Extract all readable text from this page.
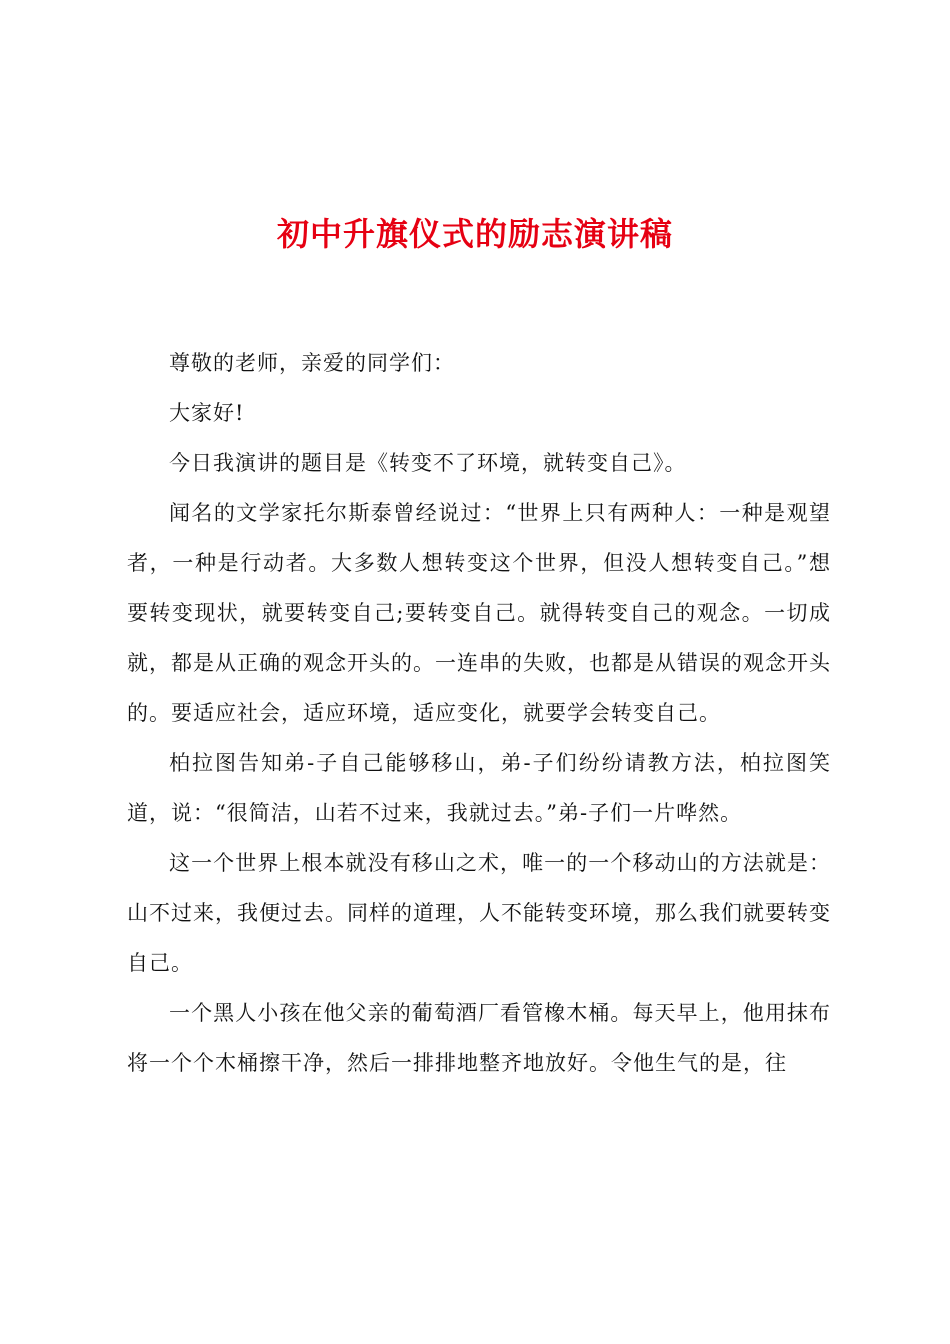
初中升旗仪式的励志演讲稿

尊敬的老师，亲爱的同学们：

大家好!

今日我演讲的题目是《转变不了环境，就转变自己》。

闻名的文学家托尔斯泰曾经说过：“世界上只有两种人：一种是观望者，一种是行动者。大多数人想转变这个世界，但没人想转变自己。”想要转变现状，就要转变自己;要转变自己。就得转变自己的观念。一切成就，都是从正确的观念开头的。一连串的失败，也都是从错误的观念开头的。要适应社会，适应环境，适应变化，就要学会转变自己。

柏拉图告知弟-子自己能够移山，弟-子们纷纷请教方法，柏拉图笑道，说：“很简洁，山若不过来，我就过去。”弟-子们一片哗然。

这一个世界上根本就没有移山之术，唯一的一个移动山的方法就是：山不过来，我便过去。同样的道理，人不能转变环境，那么我们就要转变自己。

一个黑人小孩在他父亲的葡萄酒厂看管橡木桶。每天早上，他用抹布将一个个木桶擦干净，然后一排排地整齐地放好。令他生气的是，往
